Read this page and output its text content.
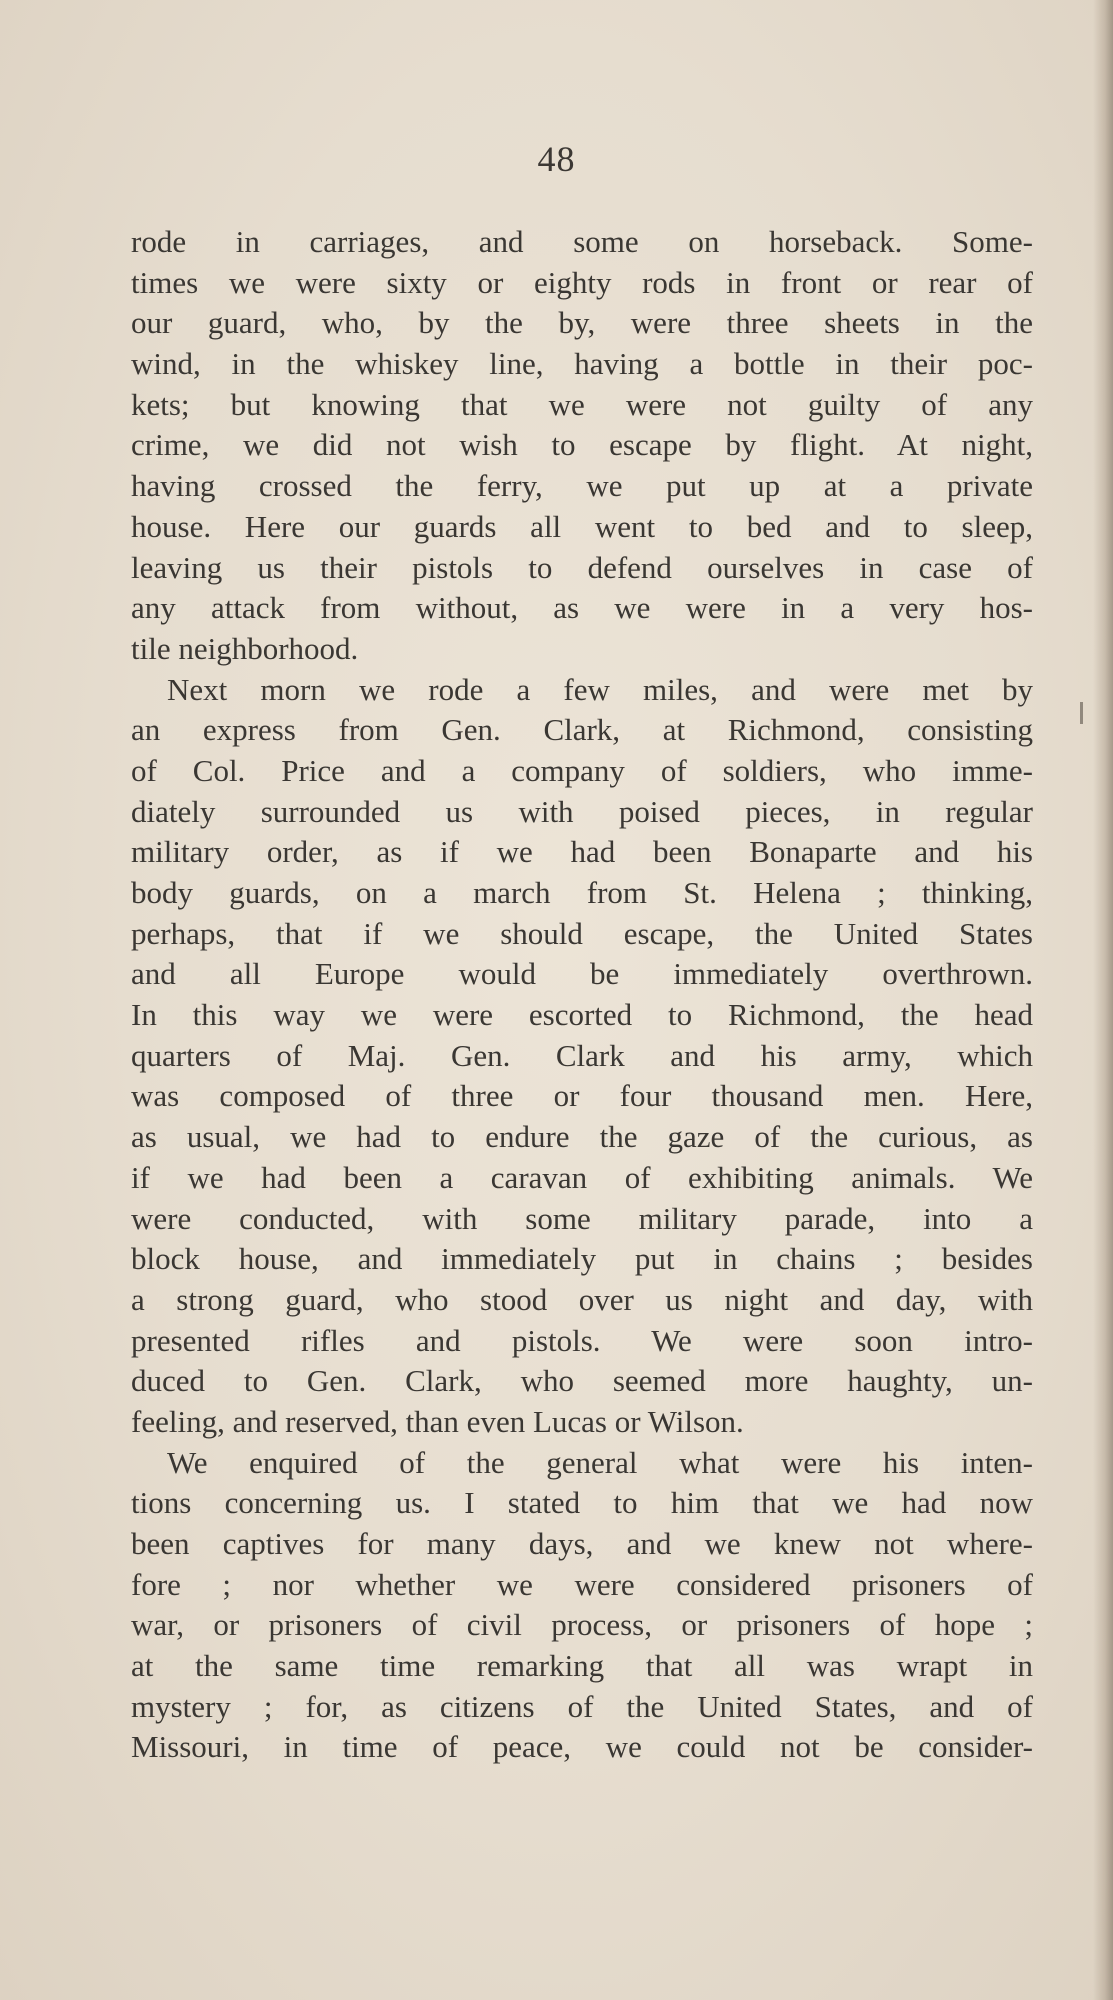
48
rode in carriages, and some on horseback. Some-
times we were sixty or eighty rods in front or rear of
our guard, who, by the by, were three sheets in the
wind, in the whiskey line, having a bottle in their poc-
kets; but knowing that we were not guilty of any
crime, we did not wish to escape by flight. At night,
having crossed the ferry, we put up at a private
house. Here our guards all went to bed and to sleep,
leaving us their pistols to defend ourselves in case of
any attack from without, as we were in a very hos-
tile neighborhood.
Next morn we rode a few miles, and were met by
an express from Gen. Clark, at Richmond, consisting
of Col. Price and a company of soldiers, who imme-
diately surrounded us with poised pieces, in regular
military order, as if we had been Bonaparte and his
body guards, on a march from St. Helena ; thinking,
perhaps, that if we should escape, the United States
and all Europe would be immediately overthrown.
In this way we were escorted to Richmond, the head
quarters of Maj. Gen. Clark and his army, which
was composed of three or four thousand men. Here,
as usual, we had to endure the gaze of the curious, as
if we had been a caravan of exhibiting animals. We
were conducted, with some military parade, into a
block house, and immediately put in chains ; besides
a strong guard, who stood over us night and day, with
presented rifles and pistols. We were soon intro-
duced to Gen. Clark, who seemed more haughty, un-
feeling, and reserved, than even Lucas or Wilson.
We enquired of the general what were his inten-
tions concerning us. I stated to him that we had now
been captives for many days, and we knew not where-
fore ; nor whether we were considered prisoners of
war, or prisoners of civil process, or prisoners of hope ;
at the same time remarking that all was wrapt in
mystery ; for, as citizens of the United States, and of
Missouri, in time of peace, we could not be consider-
